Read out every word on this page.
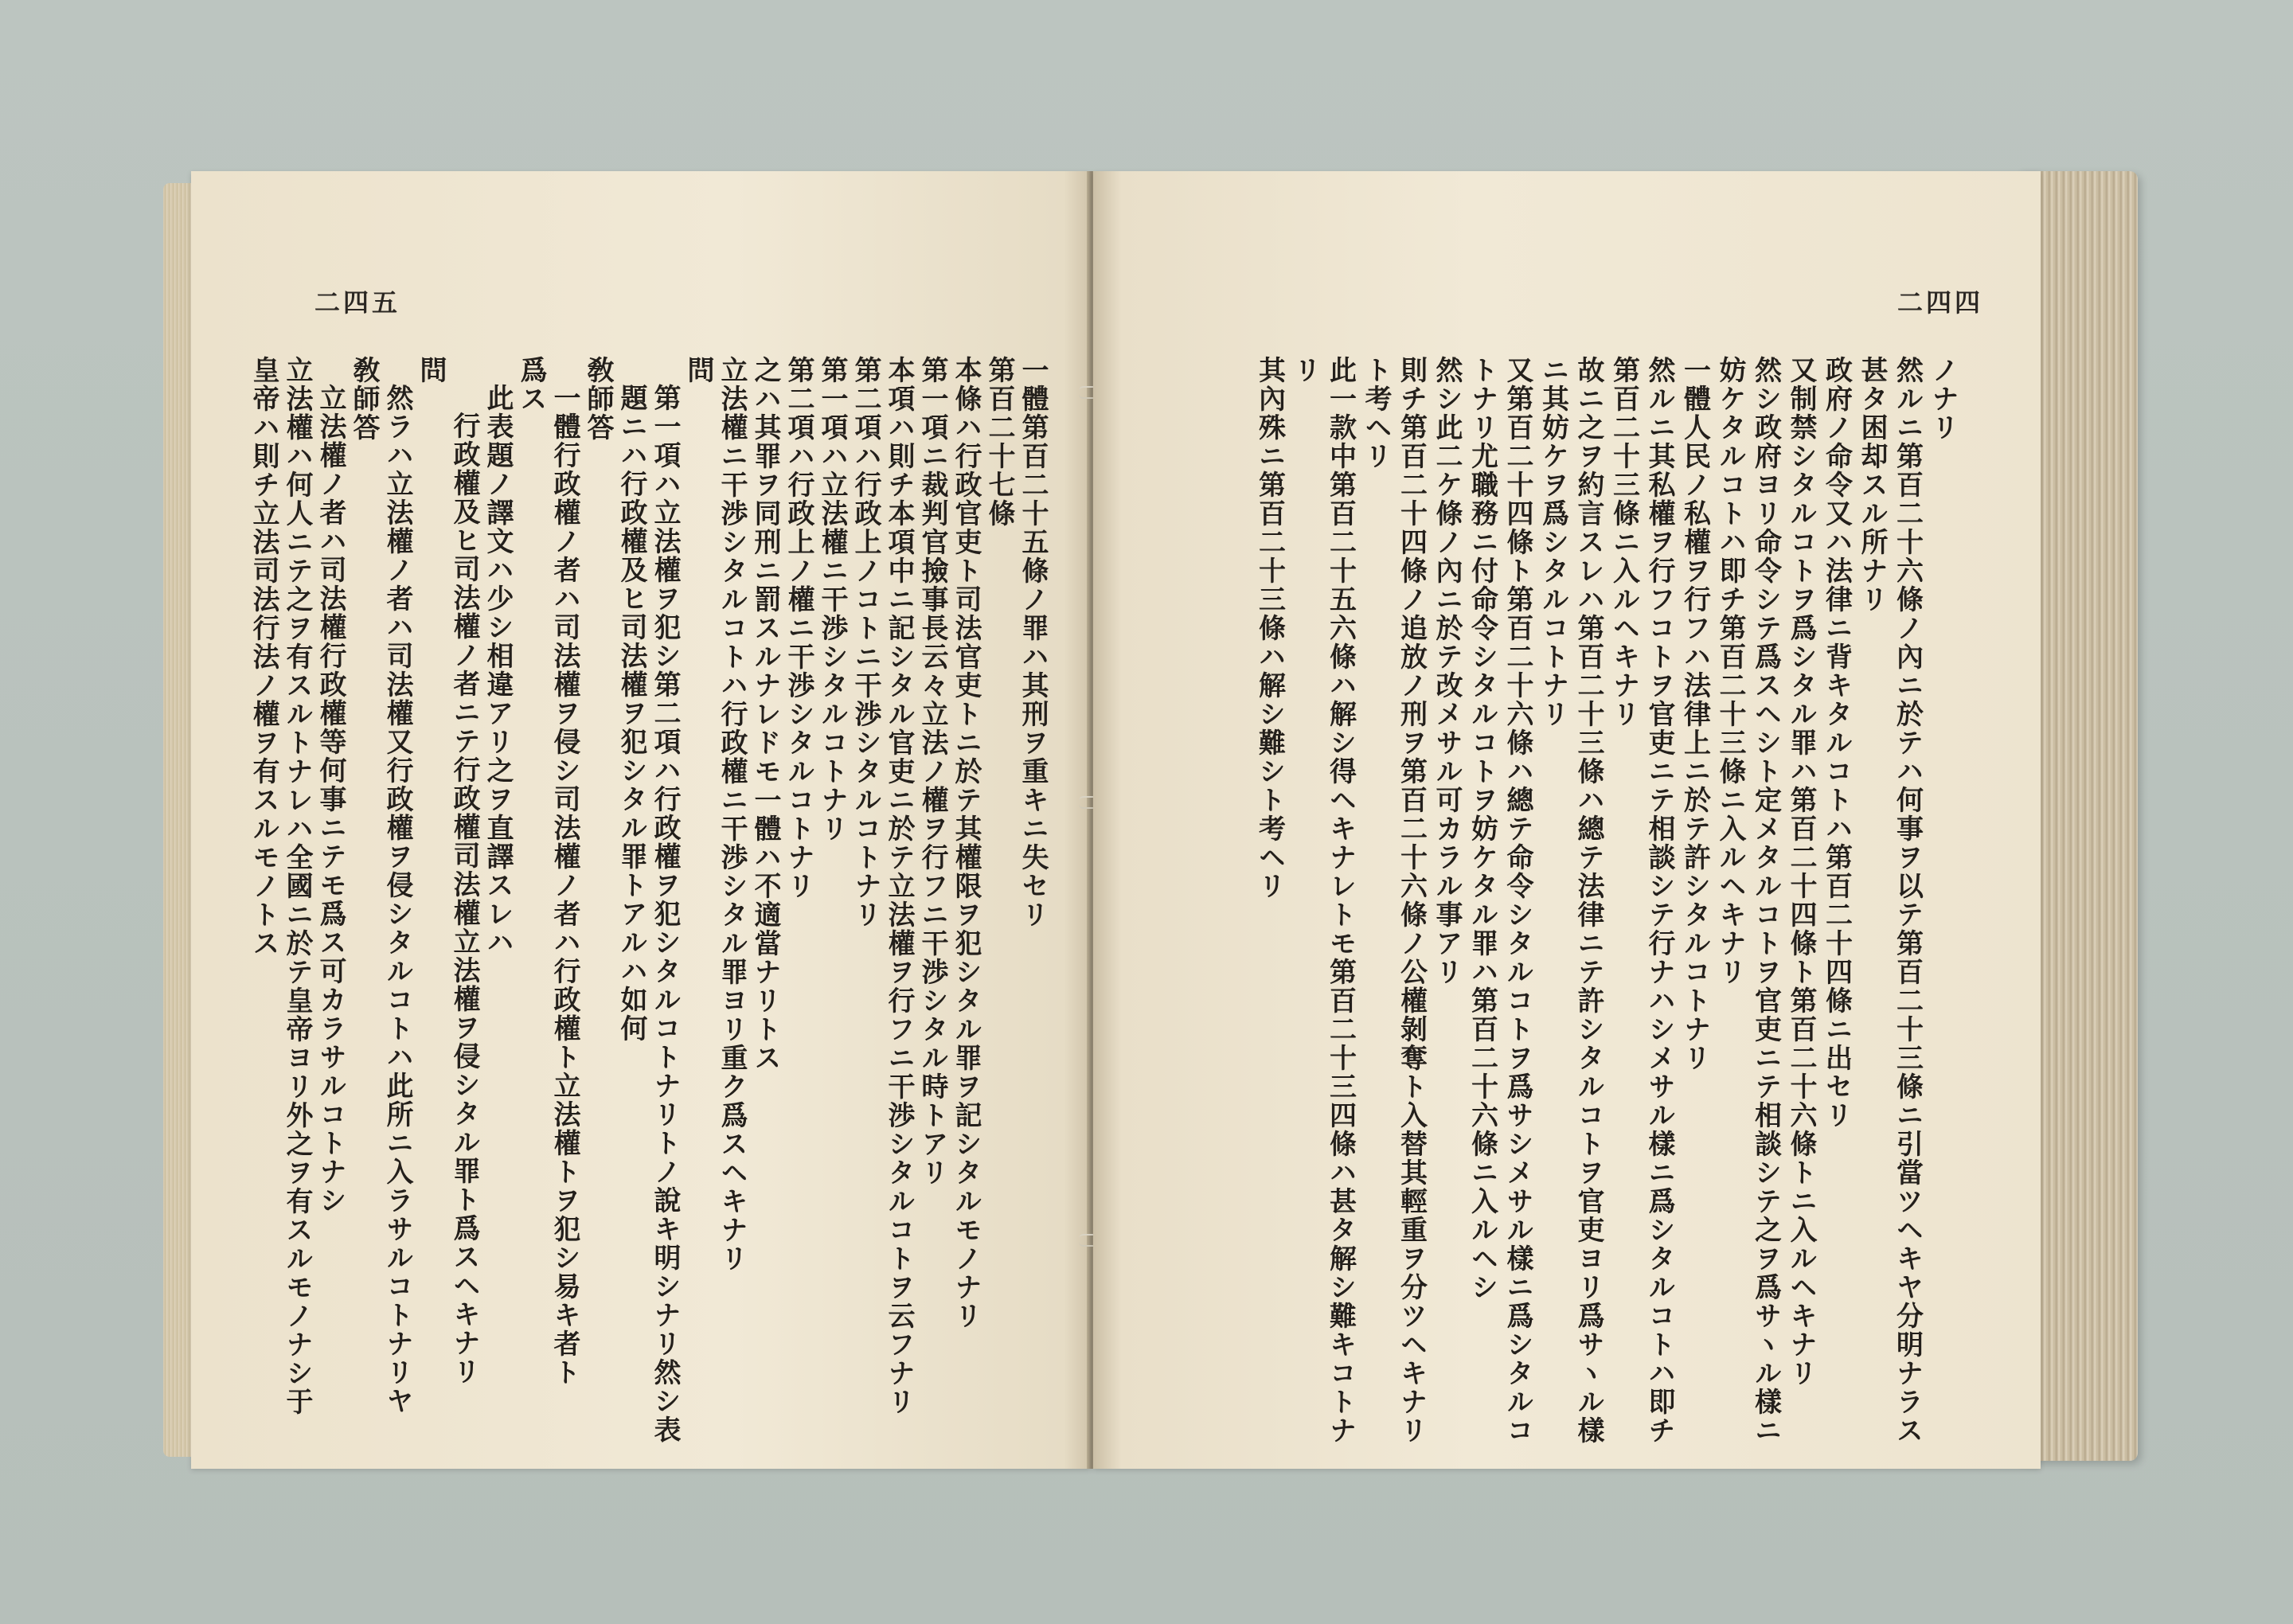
二四五
一體第百二十五條ノ罪ハ其刑ヲ重キニ失セリ
第百二十七條
本條ハ行政官吏ト司法官吏トニ於テ其權限ヲ犯シタル罪ヲ記シタルモノナリ
第一項ニ裁判官撿事長云々立法ノ權ヲ行フニ干渉シタル時トアリ
本項ハ則チ本項中ニ記シタル官吏ニ於テ立法權ヲ行フニ干渉シタルコトヲ云フナリ
第二項ハ行政上ノコトニ干渉シタルコトナリ
第一項ハ立法權ニ干渉シタルコトナリ
第二項ハ行政上ノ權ニ干渉シタルコトナリ
之ハ其罪ヲ同刑ニ罰スルナレドモ一體ハ不適當ナリトス
立法權ニ干渉シタルコトハ行政權ニ干渉シタル罪ヨリ重ク爲スヘキナリ
問
第一項ハ立法權ヲ犯シ第二項ハ行政權ヲ犯シタルコトナリトノ說キ明シナリ然シ表
題ニハ行政權及ヒ司法權ヲ犯シタル罪トアルハ如何
敎師答
一體行政權ノ者ハ司法權ヲ侵シ司法權ノ者ハ行政權ト立法權トヲ犯シ易キ者ト
爲ス
此表題ノ譯文ハ少シ相違アリ之ヲ直譯スレハ
行政權及ヒ司法權ノ者ニテ行政權司法權立法權ヲ侵シタル罪ト爲スヘキナリ
問
然ラハ立法權ノ者ハ司法權又行政權ヲ侵シタルコトハ此所ニ入ラサルコトナリヤ
敎師答
立法權ノ者ハ司法權行政權等何事ニテモ爲ス可カラサルコトナシ
立法權ハ何人ニテ之ヲ有スルトナレハ全國ニ於テ皇帝ヨリ外之ヲ有スルモノナシ于
皇帝ハ則チ立法司法行法ノ權ヲ有スルモノトス
二四四
ノナリ
然ルニ第百二十六條ノ內ニ於テハ何事ヲ以テ第百二十三條ニ引當ツヘキヤ分明ナラス
甚タ困却スル所ナリ
政府ノ命令又ハ法律ニ背キタルコトハ第百二十四條ニ出セリ
又制禁シタルコトヲ爲シタル罪ハ第百二十四條ト第百二十六條トニ入ルヘキナリ
然シ政府ヨリ命令シテ爲スヘシト定メタルコトヲ官吏ニテ相談シテ之ヲ爲サヽル樣ニ
妨ケタルコトハ即チ第百二十三條ニ入ルヘキナリ
一體人民ノ私權ヲ行フハ法律上ニ於テ許シタルコトナリ
然ルニ其私權ヲ行フコトヲ官吏ニテ相談シテ行ナハシメサル樣ニ爲シタルコトハ即チ
第百二十三條ニ入ルヘキナリ
故ニ之ヲ約言スレハ第百二十三條ハ總テ法律ニテ許シタルコトヲ官吏ヨリ爲サヽル樣
ニ其妨ケヲ爲シタルコトナリ
又第百二十四條ト第百二十六條ハ總テ命令シタルコトヲ爲サシメサル樣ニ爲シタルコ
トナリ尤職務ニ付命令シタルコトヲ妨ケタル罪ハ第百二十六條ニ入ルヘシ
然シ此二ケ條ノ內ニ於テ改メサル可カラル事アリ
則チ第百二十四條ノ追放ノ刑ヲ第百二十六條ノ公權剝奪ト入替其輕重ヲ分ツヘキナリ
ト考ヘリ
此一款中第百二十五六條ハ解シ得ヘキナレトモ第百二十三四條ハ甚タ解シ難キコトナ
リ
其內殊ニ第百二十三條ハ解シ難シト考ヘリ
